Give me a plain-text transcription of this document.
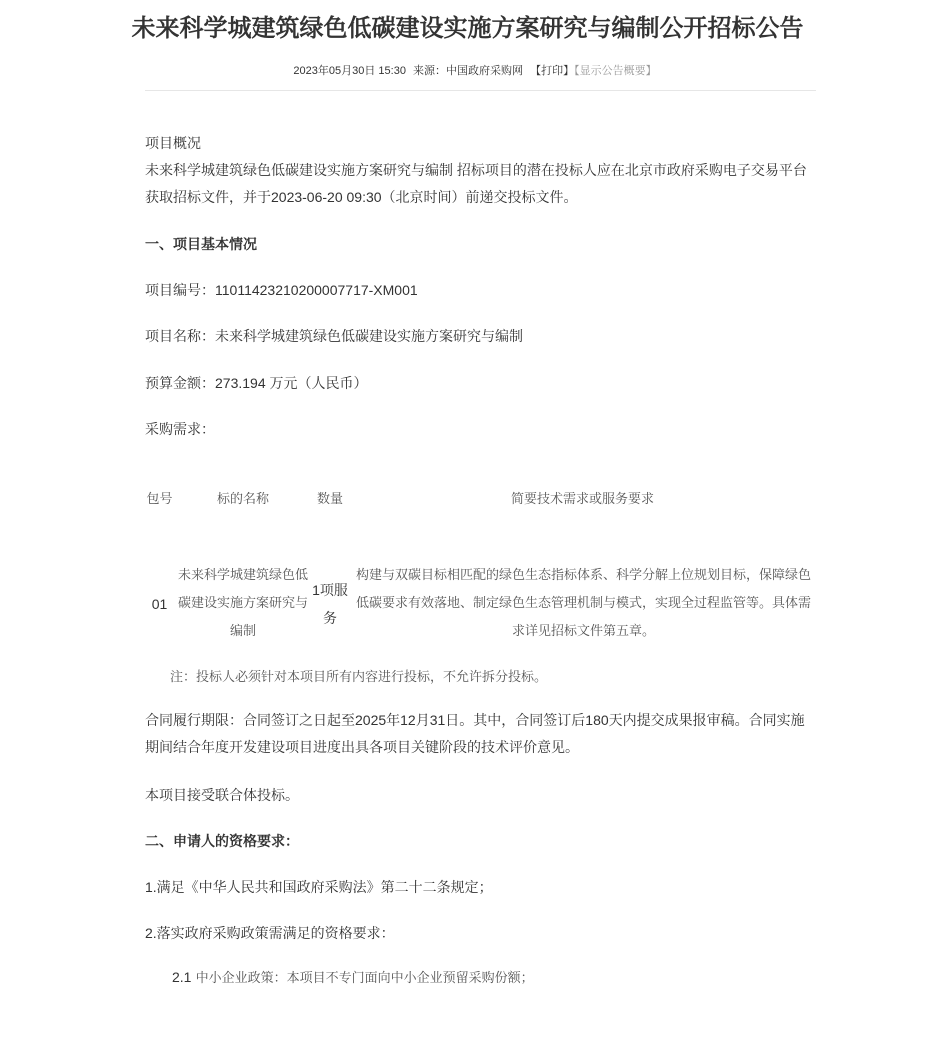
未来科学城建筑绿色低碳建设实施方案研究与编制公开招标公告
2023年05月30日 15:30 来源：中国政府采购网 【打印】【显示公告概要】
项目概况
未来科学城建筑绿色低碳建设实施方案研究与编制 招标项目的潜在投标人应在北京市政府采购电子交易平台获取招标文件，并于2023-06-20 09:30（北京时间）前递交投标文件。
一、项目基本情况
项目编号：11011423210200007717-XM001
项目名称：未来科学城建筑绿色低碳建设实施方案研究与编制
预算金额：273.194 万元（人民币）
采购需求：
包号	标的名称	数量	简要技术需求或服务要求

01	未来科学城建筑绿色低碳建设实施方案研究与编制	1项服务	构建与双碳目标相匹配的绿色生态指标体系、科学分解上位规划目标，保障绿色低碳要求有效落地、制定绿色生态管理机制与模式，实现全过程监管等。具体需求详见招标文件第五章。
注：投标人必须针对本项目所有内容进行投标，不允许拆分投标。
合同履行期限：合同签订之日起至2025年12月31日。其中，合同签订后180天内提交成果报审稿。合同实施期间结合年度开发建设项目进度出具各项目关键阶段的技术评价意见。
本项目接受联合体投标。
二、申请人的资格要求：
1.满足《中华人民共和国政府采购法》第二十二条规定；
2.落实政府采购政策需满足的资格要求：
2.1 中小企业政策：本项目不专门面向中小企业预留采购份额；
